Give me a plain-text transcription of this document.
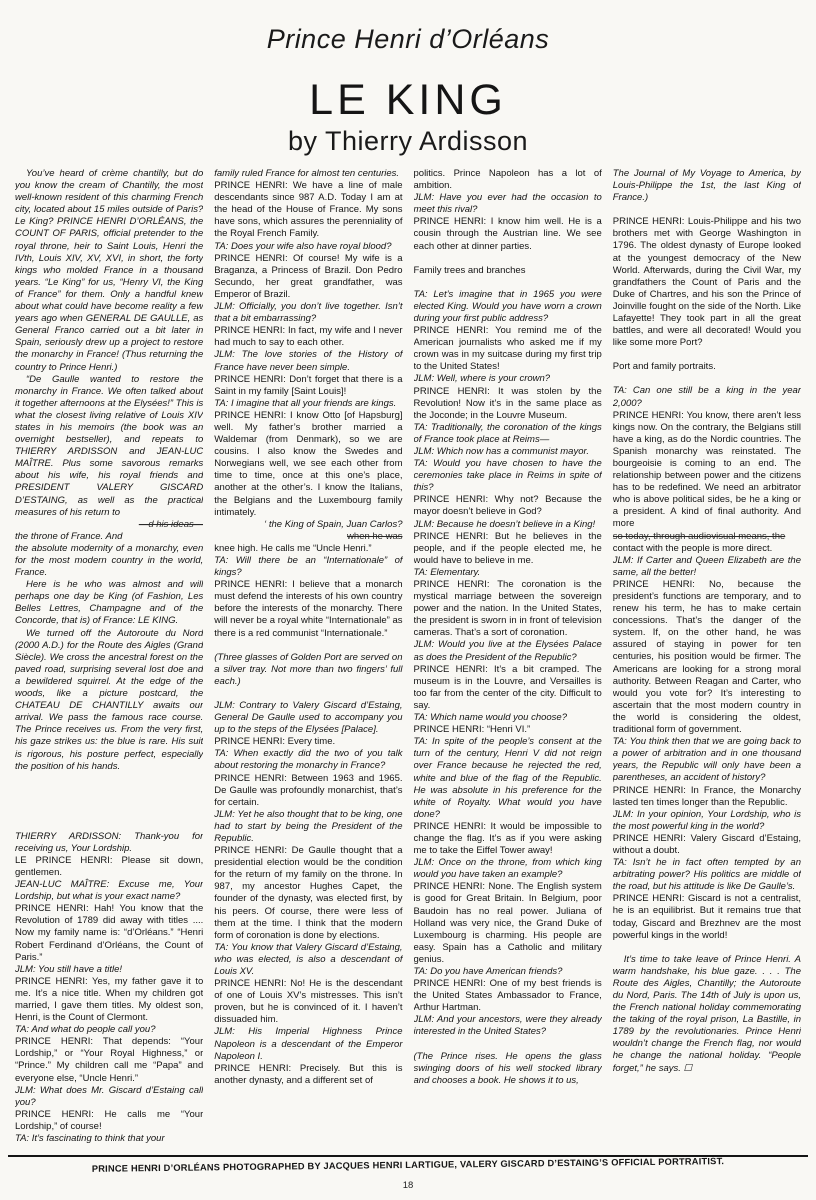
Prince Henri d’Orléans
LE KING
by Thierry Ardisson

You’ve heard of crème chantilly, but do you know the cream of Chantilly, the most well-known resident of this charming French city, located about 15 miles outside of Paris? Le King? PRINCE HENRI D’ORLÉANS, the COUNT OF PARIS, official pretender to the royal throne, heir to Saint Louis, Henri the IVth, Louis XIV, XV, XVI, in short, the forty kings who molded France in a thousand years. “Le King” for us, “Henry VI, the King of France” for them. Only a handful knew about what could have become reality a few years ago when GENERAL DE GAULLE, as General Franco carried out a bit later in Spain, seriously drew up a project to restore the monarchy in France! (Thus returning the country to Prince Henri.)

“De Gaulle wanted to restore the monarchy in France. We often talked about it together afternoons at the Elysées!” This is what the closest living relative of Louis XIV states in his memoirs (the book was an overnight bestseller), and repeats to THIERRY ARDISSON and JEAN-LUC MAÎTRE. Plus some savorous remarks about his wife, his royal friends and PRESIDENT VALERY GISCARD D’ESTAING, as well as the practical measures of his return to

—d his ideas—

the throne of France. And

the absolute modernity of a monarchy, even for the most modern country in the world, France.

Here is he who was almost and will perhaps one day be King (of Fashion, Les Belles Lettres, Champagne and of the Concorde, that is) of France: LE KING.

We turned off the Autoroute du Nord (2000 A.D.) for the Route des Aigles (Grand Siècle). We cross the ancestral forest on the paved road, surprising several lost doe and a bewildered squirrel. At the edge of the woods, like a picture postcard, the CHATEAU DE CHANTILLY awaits our arrival. We pass the famous race course. The Prince receives us. From the very first, his gaze strikes us: the blue is rare. His suit is rigorous, his posture perfect, especially the position of his hands.

THIERRY ARDISSON: Thank-you for receiving us, Your Lordship.

LE PRINCE HENRI: Please sit down, gentlemen.

JEAN-LUC MAÎTRE: Excuse me, Your Lordship, but what is your exact name?

PRINCE HENRI: Hah! You know that the Revolution of 1789 did away with titles .... Now my family name is: “d’Orléans.” “Henri Robert Ferdinand d’Orléans, the Count of Paris.”

JLM: You still have a title!

PRINCE HENRI: Yes, my father gave it to me. It’s a nice title. When my children got married, I gave them titles. My oldest son, Henri, is the Count of Clermont.

TA: And what do people call you?

PRINCE HENRI: That depends: “Your Lordship,” or “Your Royal Highness,” or “Prince.” My children call me “Papa” and everyone else, “Uncle Henri.”

JLM: What does Mr. Giscard d’Estaing call you?

PRINCE HENRI: He calls me “Your Lordship,” of course!

TA: It’s fascinating to think that your

family ruled France for almost ten centuries.

PRINCE HENRI: We have a line of male descendants since 987 A.D. Today I am at the head of the House of France. My sons have sons, which assures the perenniality of the Royal French Family.

TA: Does your wife also have royal blood?

PRINCE HENRI: Of course! My wife is a Braganza, a Princess of Brazil. Don Pedro Secundo, her great grandfather, was Emperor of Brazil.

JLM: Officially, you don’t live together. Isn’t that a bit embarrassing?

PRINCE HENRI: In fact, my wife and I never had much to say to each other.

JLM: The love stories of the History of France have never been simple.

PRINCE HENRI: Don’t forget that there is a Saint in my family [Saint Louis]!

TA: I imagine that all your friends are kings.

PRINCE HENRI: I know Otto [of Hapsburg] well. My father’s brother married a Waldemar (from Denmark), so we are cousins. I also know the Swedes and Norwegians well, we see each other from time to time, once at this one’s place, another at the other’s. I know the Italians, the Belgians and the Luxembourg family intimately.

‘ the King of Spain, Juan Carlos?

when he was

knee high. He calls me “Uncle Henri.”

TA: Will there be an “Internationale” of kings?

PRINCE HENRI: I believe that a monarch must defend the interests of his own country before the interests of the monarchy. There will never be a royal white “Internationale” as there is a red communist “Internationale.”

(Three glasses of Golden Port are served on a silver tray. Not more than two fingers’ full each.)

JLM: Contrary to Valery Giscard d’Estaing, General De Gaulle used to accompany you up to the steps of the Elysées [Palace].

PRINCE HENRI: Every time.

TA: When exactly did the two of you talk about restoring the monarchy in France?

PRINCE HENRI: Between 1963 and 1965. De Gaulle was profoundly monarchist, that’s for certain.

JLM: Yet he also thought that to be king, one had to start by being the President of the Republic.

PRINCE HENRI: De Gaulle thought that a presidential election would be the condition for the return of my family on the throne. In 987, my ancestor Hughes Capet, the founder of the dynasty, was elected first, by his peers. Of course, there were less of them at the time. I think that the modern form of coronation is done by elections.

TA: You know that Valery Giscard d’Estaing, who was elected, is also a descendant of Louis XV.

PRINCE HENRI: No! He is the descendant of one of Louis XV’s mistresses. This isn’t proven, but he is convinced of it. I haven’t dissuaded him.

JLM: His Imperial Highness Prince Napoleon is a descendant of the Emperor Napoleon I.

PRINCE HENRI: Precisely. But this is another dynasty, and a different set of

politics. Prince Napoleon has a lot of ambition.

JLM: Have you ever had the occasion to meet this rival?

PRINCE HENRI: I know him well. He is a cousin through the Austrian line. We see each other at dinner parties.

Family trees and branches

TA: Let’s imagine that in 1965 you were elected King. Would you have worn a crown during your first public address?

PRINCE HENRI: You remind me of the American journalists who asked me if my crown was in my suitcase during my first trip to the United States!

JLM: Well, where is your crown?

PRINCE HENRI: It was stolen by the Revolution! Now it’s in the same place as the Joconde; in the Louvre Museum.

TA: Traditionally, the coronation of the kings of France took place at Reims—

JLM: Which now has a communist mayor.

TA: Would you have chosen to have the ceremonies take place in Reims in spite of this?

PRINCE HENRI: Why not? Because the mayor doesn’t believe in God?

JLM: Because he doesn’t believe in a King!

PRINCE HENRI: But he believes in the people, and if the people elected me, he would have to believe in me.

TA: Elementary.

PRINCE HENRI: The coronation is the mystical marriage between the sovereign power and the nation. In the United States, the president is sworn in in front of television cameras. That’s a sort of coronation.

JLM: Would you live at the Elysées Palace as does the President of the Republic?

PRINCE HENRI: It’s a bit cramped. The museum is in the Louvre, and Versailles is too far from the center of the city. Difficult to say.

TA: Which name would you choose?

PRINCE HENRI: “Henri VI.”

TA: In spite of the people’s consent at the turn of the century, Henri V did not reign over France because he rejected the red, white and blue of the flag of the Republic. He was absolute in his preference for the white of Royalty. What would you have done?

PRINCE HENRI: It would be impossible to change the flag. It’s as if you were asking me to take the Eiffel Tower away!

JLM: Once on the throne, from which king would you have taken an example?

PRINCE HENRI: None. The English system is good for Great Britain. In Belgium, poor Baudoin has no real power. Juliana of Holland was very nice, the Grand Duke of Luxembourg is charming. His people are easy. Spain has a Catholic and military genius.

TA: Do you have American friends?

PRINCE HENRI: One of my best friends is the United States Ambassador to France, Arthur Hartman.

JLM: And your ancestors, were they already interested in the United States?

(The Prince rises. He opens the glass swinging doors of his well stocked library and chooses a book. He shows it to us,

The Journal of My Voyage to America, by Louis-Philippe the 1st, the last King of France.)

PRINCE HENRI: Louis-Philippe and his two brothers met with George Washington in 1796. The oldest dynasty of Europe looked at the youngest democracy of the New World. Afterwards, during the Civil War, my grandfathers the Count of Paris and the Duke of Chartres, and his son the Prince of Joinville fought on the side of the North. Like Lafayette! They took part in all the great battles, and were all decorated! Would you like some more Port?

Port and family portraits.

TA: Can one still be a king in the year 2,000?

PRINCE HENRI: You know, there aren’t less kings now. On the contrary, the Belgians still have a king, as do the Nordic countries. The Spanish monarchy was reinstated. The bourgeoisie is coming to an end. The relationship between power and the citizens has to be redefined. We need an arbitrator who is above political sides, be he a king or a president. A kind of final authority. And more

so today, through audiovisual means, the

contact with the people is more direct.

JLM: If Carter and Queen Elizabeth are the same, all the better!

PRINCE HENRI: No, because the president’s functions are temporary, and to renew his term, he has to make certain concessions. That’s the danger of the system. If, on the other hand, he was assured of staying in power for ten centuries, his position would be firmer. The Americans are looking for a strong moral authority. Between Reagan and Carter, who would you vote for? It’s interesting to ascertain that the most modern country in the world is considering the oldest, traditional form of government.

TA: You think then that we are going back to a power of arbitration and in one thousand years, the Republic will only have been a parentheses, an accident of history?

PRINCE HENRI: In France, the Monarchy lasted ten times longer than the Republic.

JLM: In your opinion, Your Lordship, who is the most powerful king in the world?

PRINCE HENRI: Valery Giscard d’Estaing, without a doubt.

TA: Isn’t he in fact often tempted by an arbitrating power? His politics are middle of the road, but his attitude is like De Gaulle’s.

PRINCE HENRI: Giscard is not a centralist, he is an equilibrist. But it remains true that today, Giscard and Brezhnev are the most powerful kings in the world!

It’s time to take leave of Prince Henri. A warm handshake, his blue gaze. . . . The Route des Aigles, Chantilly; the Autoroute du Nord, Paris. The 14th of July is upon us, the French national holiday commemorating the taking of the royal prison, La Bastille, in 1789 by the revolutionaries. Prince Henri wouldn’t change the French flag, nor would he change the national holiday. “People forget,” he says. ☐

PRINCE HENRI D’ORLÉANS PHOTOGRAPHED BY JACQUES HENRI LARTIGUE, VALERY GISCARD D’ESTAING’S OFFICIAL PORTRAITIST.
18
